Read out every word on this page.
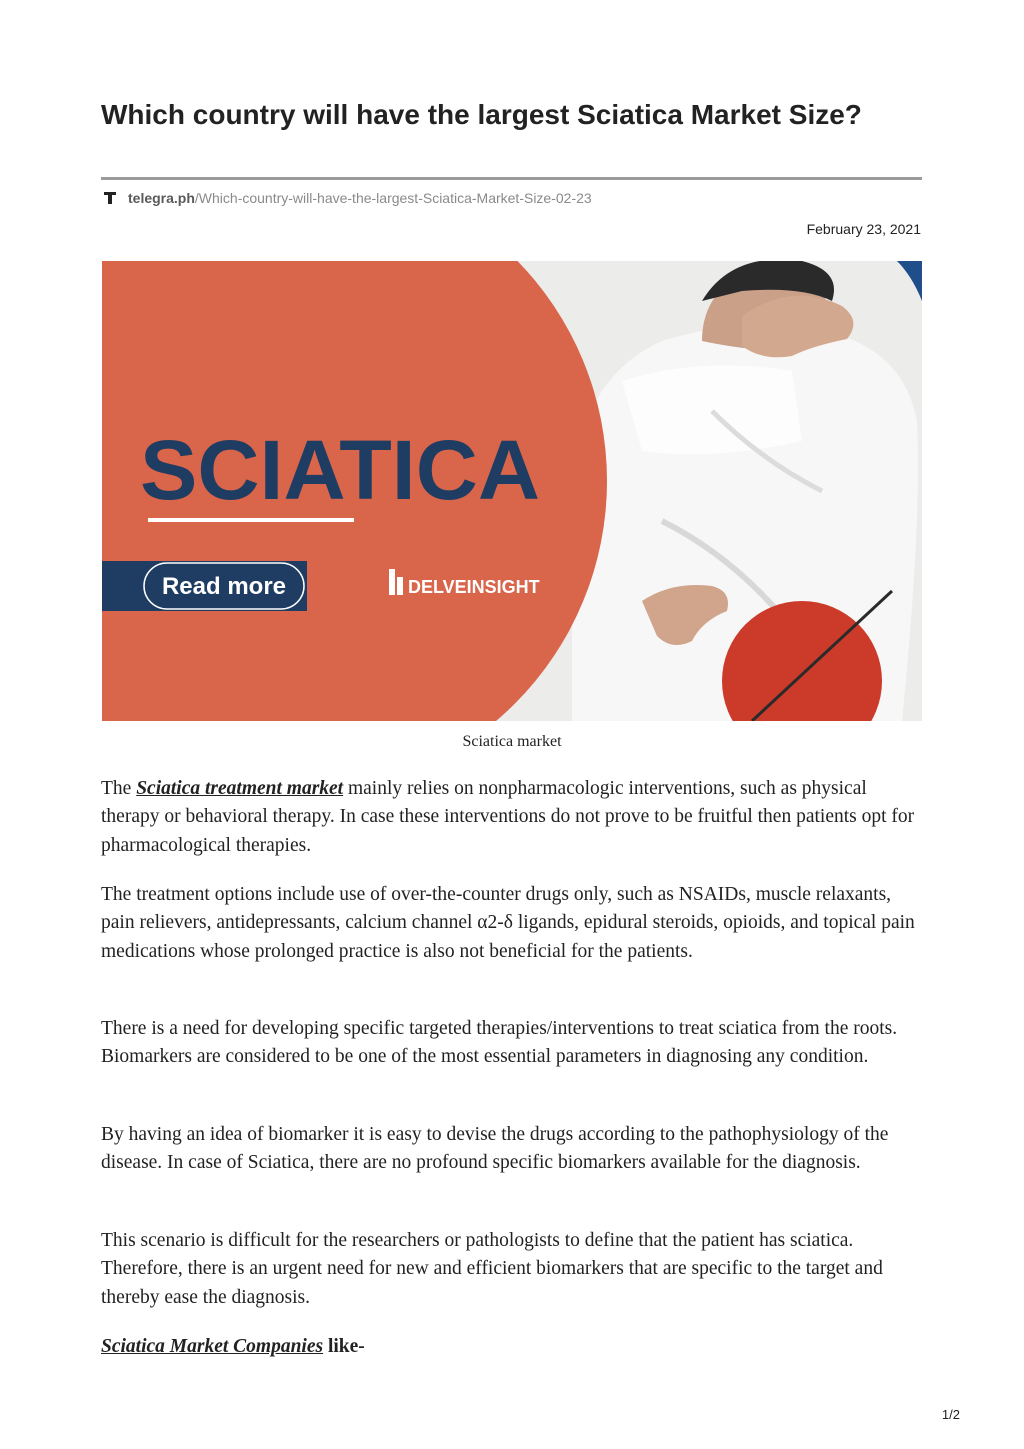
Which country will have the largest Sciatica Market Size?
telegra.ph /Which-country-will-have-the-largest-Sciatica-Market-Size-02-23
February 23, 2021
SCIATICA
Read more	DELVEINSIGHT
Sciatica market

The Sciatica treatment market mainly relies on nonpharmacologic interventions, such as physical therapy or behavioral therapy. In case these interventions do not prove to be fruitful then patients opt for pharmacological therapies.

The treatment options include use of over-the-counter drugs only, such as NSAIDs, muscle relaxants, pain relievers, antidepressants, calcium channel α2-δ ligands, epidural steroids, opioids, and topical pain medications whose prolonged practice is also not beneficial for the patients.

There is a need for developing specific targeted therapies/interventions to treat sciatica from the roots. Biomarkers are considered to be one of the most essential parameters in diagnosing any condition.

By having an idea of biomarker it is easy to devise the drugs according to the pathophysiology of the disease. In case of Sciatica, there are no profound specific biomarkers available for the diagnosis.

This scenario is difficult for the researchers or pathologists to define that the patient has sciatica. Therefore, there is an urgent need for new and efficient biomarkers that are specific to the target and thereby ease the diagnosis.

Sciatica Market Companies like-

1/2
